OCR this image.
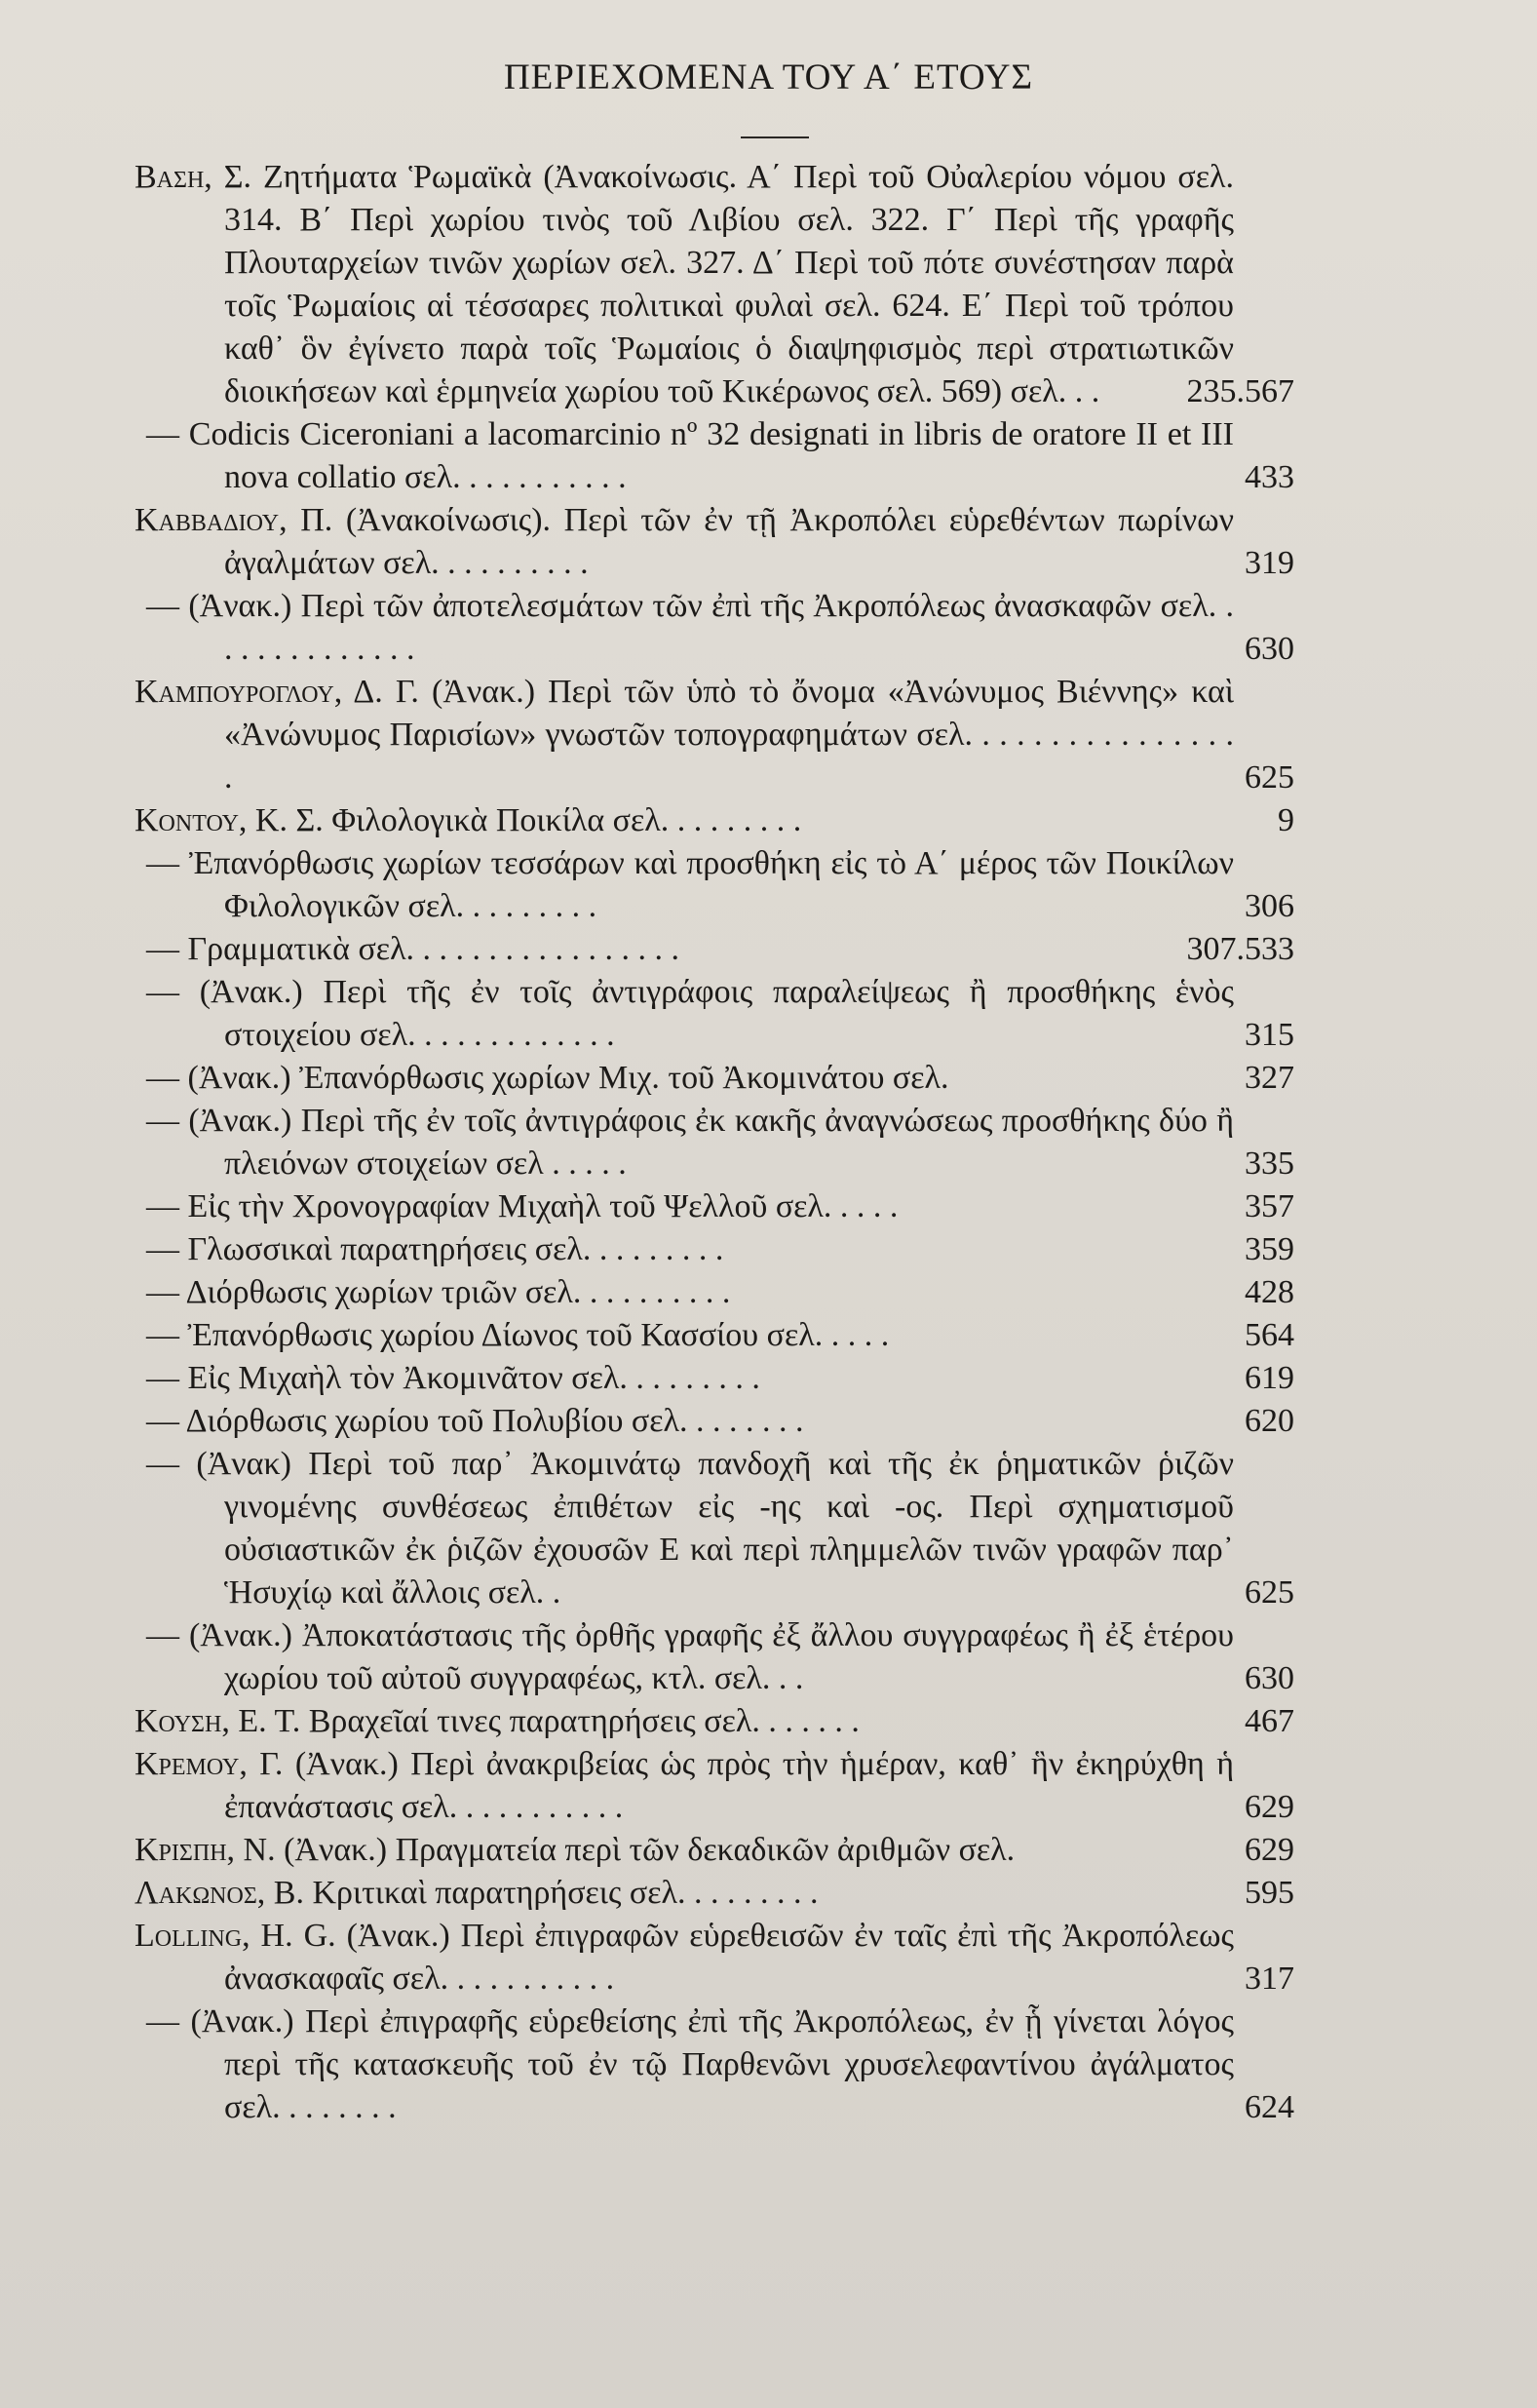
ΠΕΡΙΕΧΟΜΕΝΑ ΤΟΥ Α΄ ΕΤΟΥΣ
Βαση, Σ. Ζητήματα Ῥωμαϊκὰ (Ἀνακοίνωσις. Α΄ Περὶ τοῦ Οὐαλερίου νόμου σελ. 314. Β΄ Περὶ χωρίου τινὸς τοῦ Λιβίου σελ. 322. Γ΄ Περὶ τῆς γραφῆς Πλουταρχείων τινῶν χωρίων σελ. 327. Δ΄ Περὶ τοῦ πότε συνέστησαν παρὰ τοῖς Ῥωμαίοις αἱ τέσσαρες πολιτικαὶ φυλαὶ σελ. 624. Ε΄ Περὶ τοῦ τρόπου καθ᾽ ὃν ἐγίνετο παρὰ τοῖς Ῥωμαίοις ὁ διαψηφισμὸς περὶ στρατιωτικῶν διοικήσεων καὶ ἑρμηνεία χωρίου τοῦ Κικέρωνος σελ. 569) σελ. . .	235.567
— Codicis Ciceroniani a lacomarcinio nº 32 designati in libris de oratore II et III nova collatio σελ. . . . . . . . . . .	433
Καββαδιου, Π. (Ἀνακοίνωσις). Περὶ τῶν ἐν τῇ Ἀκροπόλει εὑρεθέντων πωρίνων ἀγαλμάτων σελ. . . . . . . . . .	319
— (Ἀνακ.) Περὶ τῶν ἀποτελεσμάτων τῶν ἐπὶ τῆς Ἀκροπόλεως ἀνασκαφῶν σελ. . . . . . . . . . . . . .	630
Καμπουρογλου, Δ. Γ. (Ἀνακ.) Περὶ τῶν ὑπὸ τὸ ὄνομα «Ἀνώνυμος Βιέννης» καὶ «Ἀνώνυμος Παρισίων» γνωστῶν τοπογραφημάτων σελ. . . . . . . . . . . . . . . . .	625
Κοντου, Κ. Σ. Φιλολογικὰ Ποικίλα σελ. . . . . . . . .	9
— Ἐπανόρθωσις χωρίων τεσσάρων καὶ προσθήκη εἰς τὸ Α΄ μέρος τῶν Ποικίλων Φιλολογικῶν σελ. . . . . . . . .	306
— Γραμματικὰ σελ. . . . . . . . . . . . . . . . .	307.533
— (Ἀνακ.) Περὶ τῆς ἐν τοῖς ἀντιγράφοις παραλείψεως ἢ προσθήκης ἑνὸς στοιχείου σελ. . . . . . . . . . . . .	315
— (Ἀνακ.) Ἐπανόρθωσις χωρίων Μιχ. τοῦ Ἀκομινάτου σελ.	327
— (Ἀνακ.) Περὶ τῆς ἐν τοῖς ἀντιγράφοις ἐκ κακῆς ἀναγνώσεως προσθήκης δύο ἢ πλειόνων στοιχείων σελ . . . . .	335
— Εἰς τὴν Χρονογραφίαν Μιχαὴλ τοῦ Ψελλοῦ σελ. . . . .	357
— Γλωσσικαὶ παρατηρήσεις σελ. . . . . . . . .	359
— Διόρθωσις χωρίων τριῶν σελ. . . . . . . . . .	428
— Ἐπανόρθωσις χωρίου Δίωνος τοῦ Κασσίου σελ. . . . .	564
— Εἰς Μιχαὴλ τὸν Ἀκομινᾶτον σελ. . . . . . . . .	619
— Διόρθωσις χωρίου τοῦ Πολυβίου σελ. . . . . . . .	620
— (Ἀνακ) Περὶ τοῦ παρ᾽ Ἀκομινάτῳ πανδοχῆ καὶ τῆς ἐκ ῥηματικῶν ῥιζῶν γινομένης συνθέσεως ἐπιθέτων εἰς -ης καὶ -ος. Περὶ σχηματισμοῦ οὐσιαστικῶν ἐκ ῥιζῶν ἐχουσῶν Ε καὶ περὶ πλημμελῶν τινῶν γραφῶν παρ᾽ Ἡσυχίῳ καὶ ἄλλοις σελ. .	625
— (Ἀνακ.) Ἀποκατάστασις τῆς ὀρθῆς γραφῆς ἐξ ἄλλου συγγραφέως ἢ ἐξ ἑτέρου χωρίου τοῦ αὐτοῦ συγγραφέως, κτλ. σελ. . .	630
Κουση, Ε. Τ. Βραχεῖαί τινες παρατηρήσεις σελ. . . . . . .	467
Κρεμου, Γ. (Ἀνακ.) Περὶ ἀνακριβείας ὡς πρὸς τὴν ἡμέραν, καθ᾽ ἣν ἐκηρύχθη ἡ ἐπανάστασις σελ. . . . . . . . . . .	629
Κρισπη, Ν. (Ἀνακ.) Πραγματεία περὶ τῶν δεκαδικῶν ἀριθμῶν σελ.	629
Λακωνος, Β. Κριτικαὶ παρατηρήσεις σελ. . . . . . . . .	595
Lolling, H. G. (Ἀνακ.) Περὶ ἐπιγραφῶν εὑρεθεισῶν ἐν ταῖς ἐπὶ τῆς Ἀκροπόλεως ἀνασκαφαῖς σελ. . . . . . . . . . .	317
— (Ἀνακ.) Περὶ ἐπιγραφῆς εὑρεθείσης ἐπὶ τῆς Ἀκροπόλεως, ἐν ᾗ γίνεται λόγος περὶ τῆς κατασκευῆς τοῦ ἐν τῷ Παρθενῶνι χρυσελεφαντίνου ἀγάλματος σελ. . . . . . . .	624
